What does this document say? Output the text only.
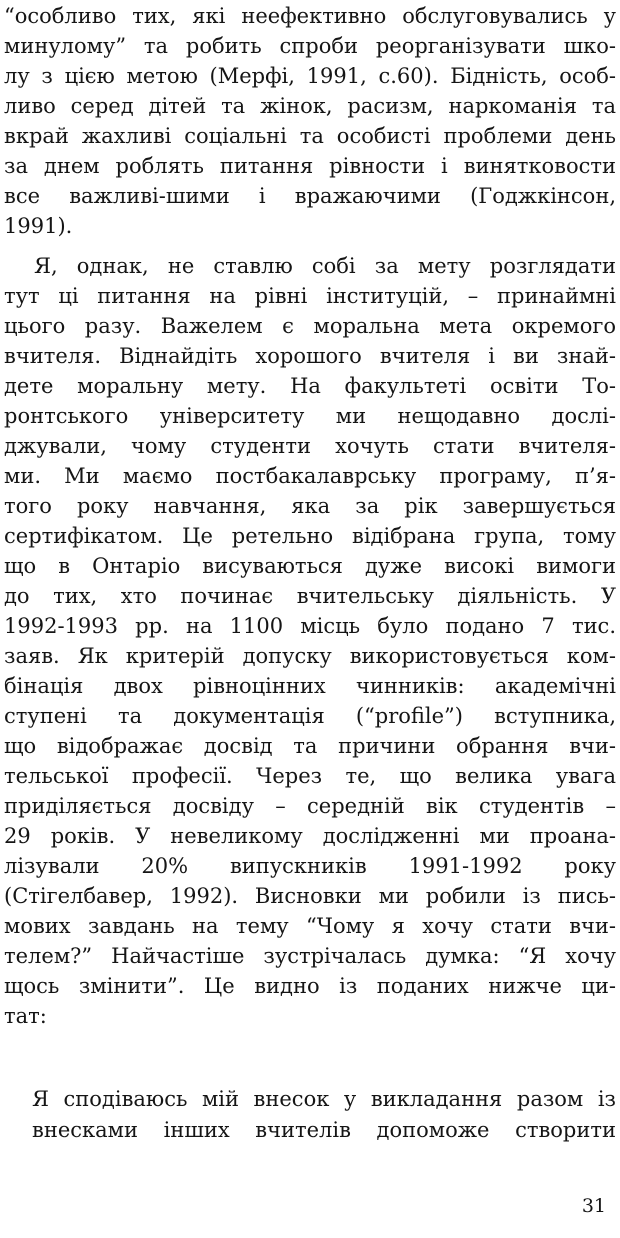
“особливо тих, які неефективно обслуговувались у
минулому” та робить спроби реорганізувати шко-
лу з цією метою (Мерфі, 1991, с.60). Бідність, особ-
ливо серед дітей та жінок, расизм, наркоманія та
вкрай жахливі соціальні та особисті проблеми день
за днем роблять питання рівности і винятковости
все важливі-шими і вражаючими (Годжкінсон,
1991).
Я, однак, не ставлю собі за мету розглядати
тут ці питання на рівні інституцій, – принаймні
цього разу. Важелем є моральна мета окремого
вчителя. Віднайдіть хорошого вчителя і ви знай-
дете моральну мету. На факультеті освіти То-
ронтського університету ми нещодавно дослі-
джували, чому студенти хочуть стати вчителя-
ми. Ми маємо постбакалаврську програму, п’я-
того року навчання, яка за рік завершується
сертифікатом. Це ретельно відібрана група, тому
що в Онтаріо висуваються дуже високі вимоги
до тих, хто починає вчительську діяльність. У
1992-1993 рр. на 1100 місць було подано 7 тис.
заяв. Як критерій допуску використовується ком-
бінація двох рівноцінних чинників: академічні
ступені та документація (“profile”) вступника,
що відображає досвід та причини обрання вчи-
тельської професії. Через те, що велика увага
приділяється досвіду – середній вік студентів –
29 років. У невеликому дослідженні ми проана-
лізували 20% випускників 1991-1992 року
(Стігелбавер, 1992). Висновки ми робили із пись-
мових завдань на тему “Чому я хочу стати вчи-
телем?” Найчастіше зустрічалась думка: “Я хочу
щось змінити”. Це видно із поданих нижче ци-
тат:
Я сподіваюсь мій внесок у викладання разом із
внесками інших вчителів допоможе створити
31
